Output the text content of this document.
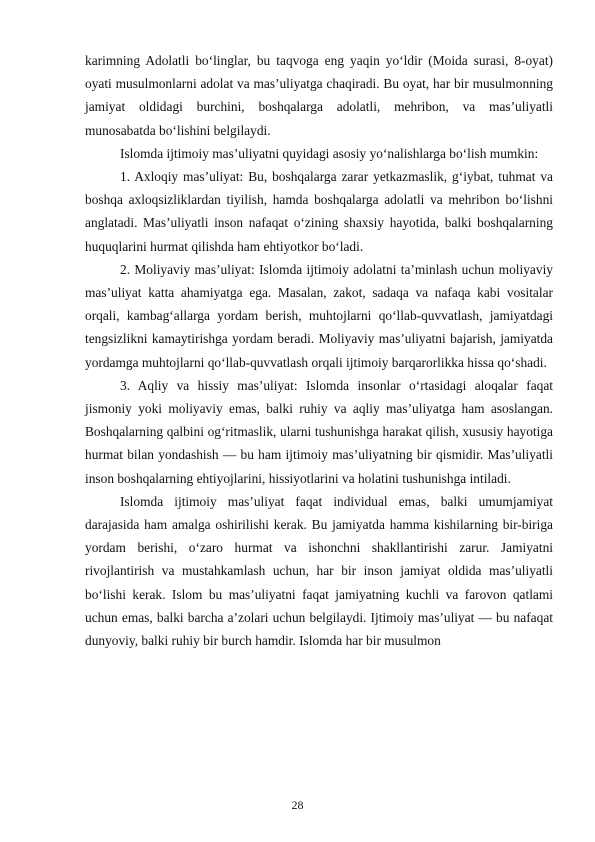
karimning Adolatli bo‘linglar, bu taqvoga eng yaqin yo‘ldir (Moida surasi, 8-oyat) oyati musulmonlarni adolat va mas’uliyatga chaqiradi. Bu oyat, har bir musulmonning jamiyat oldidagi burchini, boshqalarga adolatli, mehribon, va mas’uliyatli munosabatda bo‘lishini belgilaydi.

Islomda ijtimoiy mas’uliyatni quyidagi asosiy yo‘nalishlarga bo‘lish mumkin:

1. Axloqiy mas’uliyat: Bu, boshqalarga zarar yetkazmaslik, g‘iybat, tuhmat va boshqa axloqsizliklardan tiyilish, hamda boshqalarga adolatli va mehribon bo‘lishni anglatadi. Mas’uliyatli inson nafaqat o‘zining shaxsiy hayotida, balki boshqalarning huquqlarini hurmat qilishda ham ehtiyotkor bo‘ladi.

2. Moliyaviy mas’uliyat: Islomda ijtimoiy adolatni ta’minlash uchun moliyaviy mas’uliyat katta ahamiyatga ega. Masalan, zakot, sadaqa va nafaqa kabi vositalar orqali, kambag‘allarga yordam berish, muhtojlarni qo‘llab-quvvatlash, jamiyatdagi tengsizlikni kamaytirishga yordam beradi. Moliyaviy mas’uliyatni bajarish, jamiyatda yordamga muhtojlarni qo‘llab-quvvatlash orqali ijtimoiy barqarorlikka hissa qo‘shadi.

3. Aqliy va hissiy mas’uliyat: Islomda insonlar o‘rtasidagi aloqalar faqat jismoniy yoki moliyaviy emas, balki ruhiy va aqliy mas’uliyatga ham asoslangan. Boshqalarning qalbini og‘ritmaslik, ularni tushunishga harakat qilish, xususiy hayotiga hurmat bilan yondashish — bu ham ijtimoiy mas’uliyatning bir qismidir. Mas’uliyatli inson boshqalarning ehtiyojlarini, hissiyotlarini va holatini tushunishga intiladi.

Islomda ijtimoiy mas’uliyat faqat individual emas, balki umumjamiyat darajasida ham amalga oshirilishi kerak. Bu jamiyatda hamma kishilarning bir-biriga yordam berishi, o‘zaro hurmat va ishonchni shakllantirishi zarur. Jamiyatni rivojlantirish va mustahkamlash uchun, har bir inson jamiyat oldida mas’uliyatli bo‘lishi kerak. Islom bu mas’uliyatni faqat jamiyatning kuchli va farovon qatlami uchun emas, balki barcha a’zolari uchun belgilaydi. Ijtimoiy mas’uliyat — bu nafaqat dunyoviy, balki ruhiy bir burch hamdir. Islomda har bir musulmon

28
